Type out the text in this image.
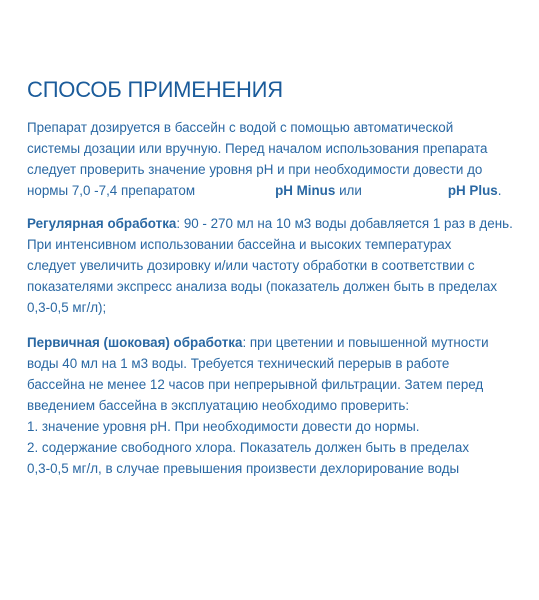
СПОСОБ ПРИМЕНЕНИЯ

Препарат дозируется в бассейн с водой с помощью автоматической
системы дозации или вручную. Перед началом использования препарата
следует проверить значение уровня pH и при необходимости довести до
нормы 7,0 -7,4 препаратом	pH Minus или	pH Plus.

Регулярная обработка: 90 - 270 мл на 10 м3 воды добавляется 1 раз в день.
При интенсивном использовании бассейна и высоких температурах
следует увеличить дозировку и/или частоту обработки в соответствии с
показателями экспресс анализа воды (показатель должен быть в пределах
0,3-0,5 мг/л);

Первичная (шоковая) обработка: при цветении и повышенной мутности
воды 40 мл на 1 м3 воды. Требуется технический перерыв в работе
бассейна не менее 12 часов при непрерывной фильтрации. Затем перед
введением бассейна в эксплуатацию необходимо проверить:
1. значение уровня pH. При необходимости довести до нормы.
2. содержание свободного хлора. Показатель должен быть в пределах
0,3-0,5 мг/л, в случае превышения произвести дехлорирование воды
